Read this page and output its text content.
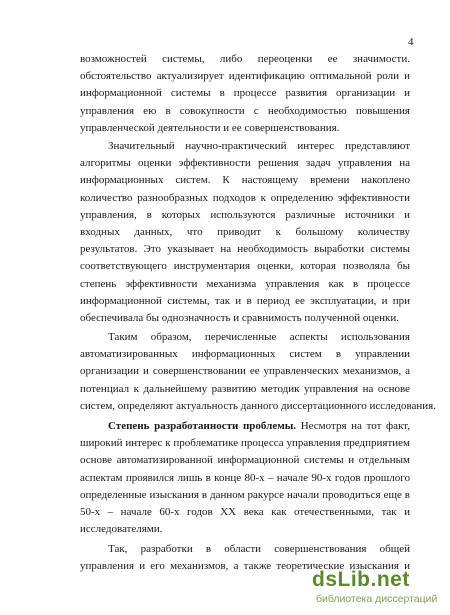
4
возможностей системы, либо переоценки ее значимости.
обстоятельство актуализирует идентификацию оптимальной роли и
информационной системы в процессе развития организации и
управления ею в совокупности с необходимостью повышения
управленческой деятельности и ее совершенствования.
Значительный научно-практический интерес представляют
алгоритмы оценки эффективности решения задач управления на
информационных систем. К настоящему времени накоплено
количество разнообразных подходов к определению эффективности
управления, в которых используются различные источники и
входных данных, что приводит к большому количеству
результатов. Это указывает на необходимость выработки системы
соответствующего инструментария оценки, которая позволяла бы
степень эффективности механизма управления как в процессе
информационной системы, так и в период ее эксплуатации, и при
обеспечивала бы однозначность и сравнимость полученной оценки.
Таким образом, перечисленные аспекты использования
автоматизированных информационных систем в управлении
организации и совершенствовании ее управленческих механизмов, а
потенциал к дальнейшему развитию методик управления на основе
систем, определяют актуальность данного диссертационного исследования.
Степень разработанности проблемы. Несмотря на тот факт,
широкий интерес к проблематике процесса управления предприятием
основе автоматизированной информационной системы и отдельным
аспектам проявился лишь в конце 80-х – начале 90-х годов прошлого
определенные изыскания в данном ракурсе начали проводиться еще в
50-х – начале 60-х годов XX века как отечественными, так и
исследователями.
Так, разработки в области совершенствования общей
управления и его механизмов, а также теоретические изыскания и
dsLib.net
библиотека диссертаций
